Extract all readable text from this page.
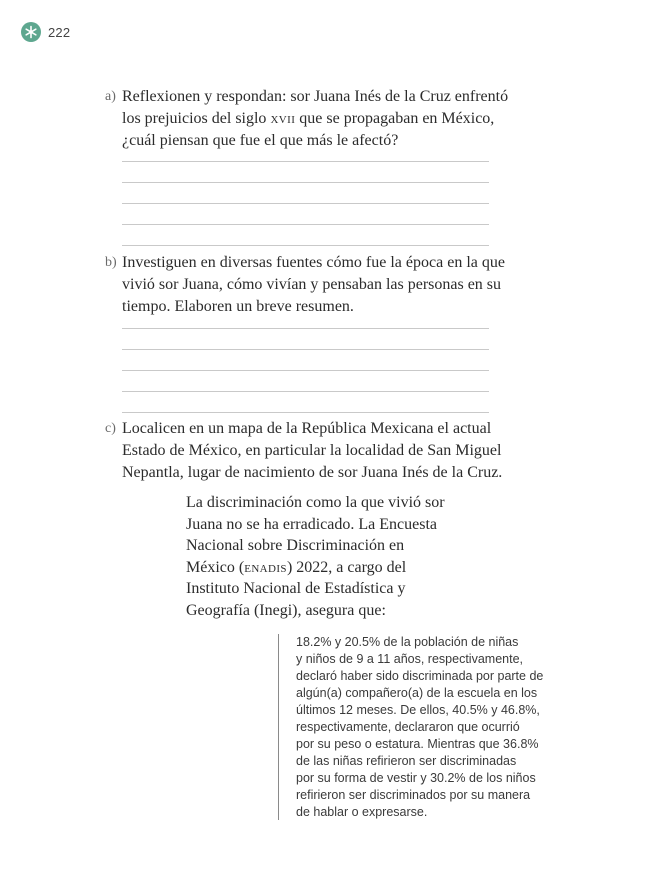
222
a) Reflexionen y respondan: sor Juana Inés de la Cruz enfrentó
los prejuicios del siglo xvii que se propagaban en México,
¿cuál piensan que fue el que más le afectó?
b) Investiguen en diversas fuentes cómo fue la época en la que
vivió sor Juana, cómo vivían y pensaban las personas en su
tiempo. Elaboren un breve resumen.
c) Localicen en un mapa de la República Mexicana el actual
Estado de México, en particular la localidad de San Miguel
Nepantla, lugar de nacimiento de sor Juana Inés de la Cruz.
La discriminación como la que vivió sor
Juana no se ha erradicado. La Encuesta
Nacional sobre Discriminación en
México (enadis) 2022, a cargo del
Instituto Nacional de Estadística y
Geografía (Inegi), asegura que:
18.2% y 20.5% de la población de niñas
y niños de 9 a 11 años, respectivamente,
declaró haber sido discriminada por parte de
algún(a) compañero(a) de la escuela en los
últimos 12 meses. De ellos, 40.5% y 46.8%,
respectivamente, declararon que ocurrió
por su peso o estatura. Mientras que 36.8%
de las niñas refirieron ser discriminadas
por su forma de vestir y 30.2% de los niños
refirieron ser discriminados por su manera
de hablar o expresarse.
